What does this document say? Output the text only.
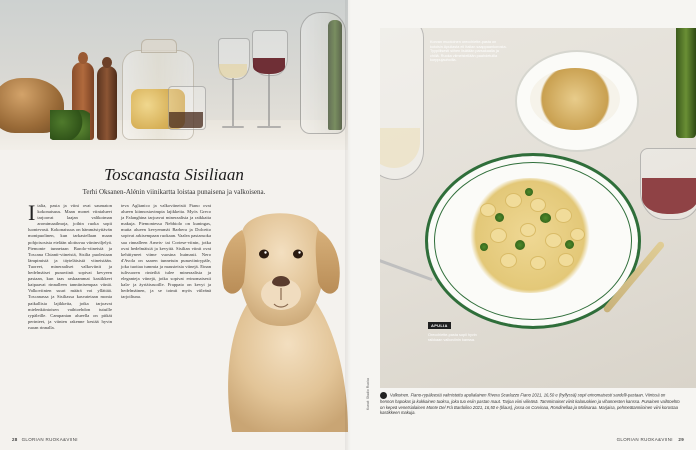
Toscanasta Sisiliaan
Terhi Oksanen-Alénin viinikartta loistaa punaisena ja valkoisena.
I talia, pasta ja viini ovat saumaton kokonaisuus. Maan monet viinialueet tarjoavat laajan valikoiman aromimaailmoja, joihin ruoka sopii luontevasti. Kokonaisuus on hämmästyttävän monipuolinen, kun tarkastellaan maan pohjoisosista etelään ulottuvaa viininviljelyä. Piemonte tunnetaan Barolo-viineistä ja Toscana Chianti-viineistä, Sisilia puolestaan lämpimistä ja täyteläisistä viineistään. Tuoreet, mineraaliset valkoviinit ja hedelmäiset punaviinit sopivat kevyeen pastaan, kun taas raskaammat kastikkeet kaipaavat rinnalleen tanniinisempaa viiniä. Valkoviinien suuri määrä voi yllättää. Toscanassa ja Sisiliassa kasvatetaan monia paikallisia lajikkeita, jotka tarjoavat mielenkiintoisen vaihtoehdon tutuille rypäleille. Campanian alueella on pitkät perinteet, ja viinien rakenne kestää hyvin ruoan rinnalla.
teva Aglianico ja valkoviineistä Fiano ovat alueen kiinnostavimpia lajikkeita. Myös Greco ja Falanghina tarjoavat mineraalisia ja raikkaita makuja. Piemontessa Nebbiolo on kuningas, mutta alueen kevyemmät Barbera ja Dolcetto sopivat arkisempaan ruokaan. Vaalea pastaruoka saa rinnalleen Arneis- tai Cortese-viinin, jotka ovat hedelmäisiä ja kevyitä. Sisilian viinit ovat kehittyneet viime vuosina huimasti. Nero d'Avola on saaren tunnetuin punaviinirypäle, joka tuottaa tummia ja mausteisia viinejä. Etnan tulivuoren rinteiltä tulee mineraalisia ja eleganteja viinejä, jotka sopivat erinomaisesti kala- ja äyriäisruoille. Frappato on kevyt ja hedelmäinen, ja se toimii myös viileänä tarjoiltuna.
28 GLORIAN RUOKA&VIINI
Korvan muotoinen orecchiette-pasta on kotoisin Apuliasta eli Italian saappaankorosta. Tyypillisesti siihen lisätään parsakaalia ja chiliä. Ruoka viimeistellään paahdetuilla korppujauhoilla.
APULIA
Orecchiette-pasta sopii hyvin raikkaan valkoviinin kanssa.
Kuvat: Studio Ruoka	Valkoinen. Fiano-rypäleestä valmistettu apulialainen Rivera Scarlazzo Fiano 2021, 16,50 e (hyllyssä) sopii erinomaisesti sardelli-pastaan. Viinissä on hennon hapokas ja kukkainen tuoksu, joka tuo esiin pastan maut. Tarjoa viini viileänä. Tammimaiset viinit kalaruokien ja vihannesten kanssa. Punainen vaihtoehto on kepeä venetsialainen Monte Del Frà Bardolino 2021, 16,50 e (tilaus), jossa on Corvinaa, Rondinellaa ja Molinaraa. Marjaisa, pehmeätanniininen viini korostaa kastikkeen makuja.
GLORIAN RUOKA&VIINI 29
